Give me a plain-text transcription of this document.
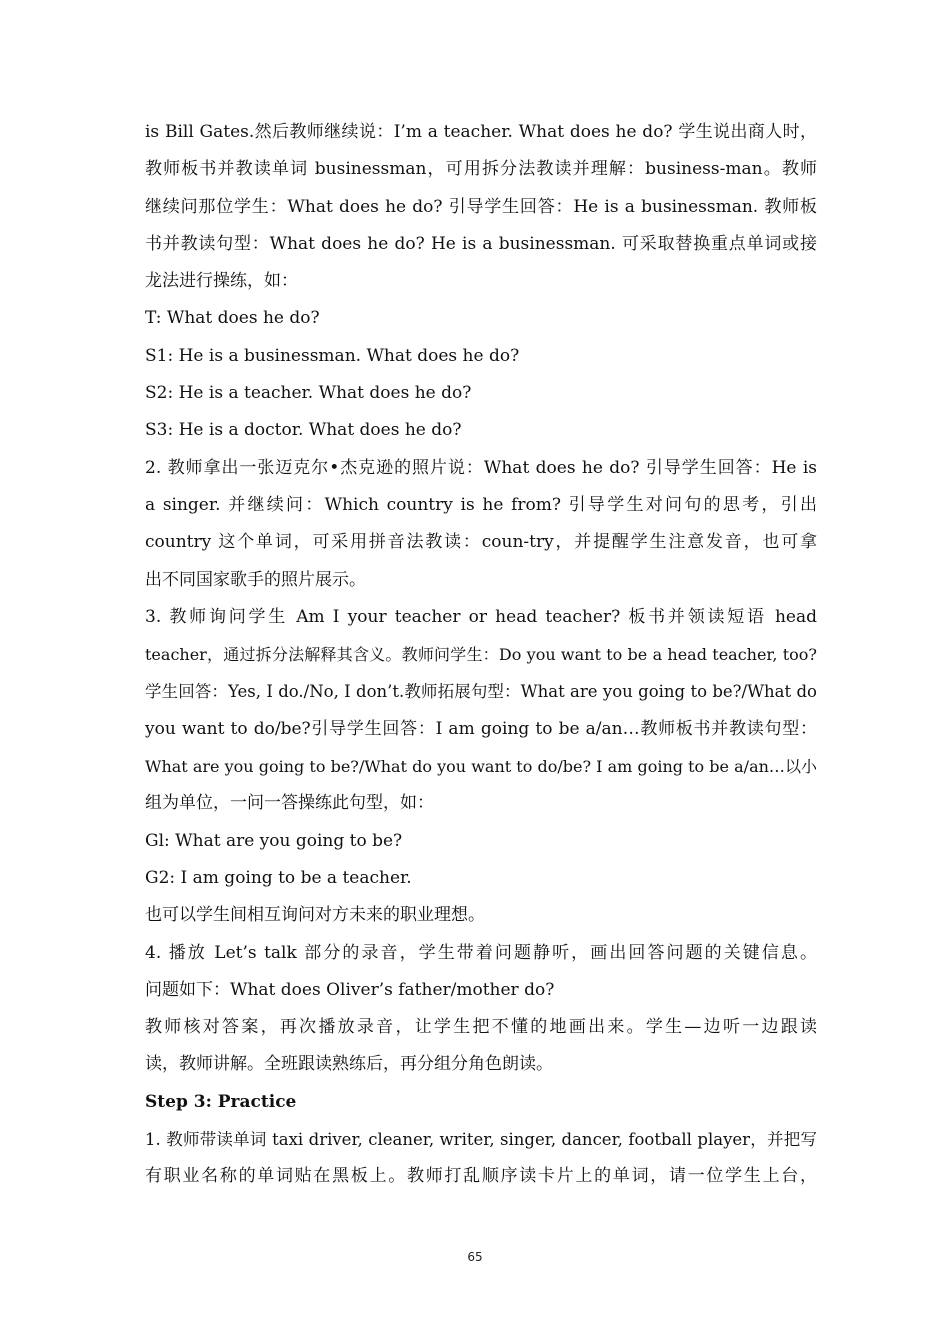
is Bill Gates.然后教师继续说：I’m a teacher. What does he do? 学生说出商人时，
教师板书并教读单词 businessman，可用拆分法教读并理解：business-man。教师
继续问那位学生：What does he do? 引导学生回答：He is a businessman. 教师板
书并教读句型：What does he do? He is a businessman. 可采取替换重点单词或接
龙法进行操练，如：
T: What does he do?
S1: He is a businessman. What does he do?
S2: He is a teacher. What does he do?
S3: He is a doctor. What does he do?
2. 教师拿出一张迈克尔•杰克逊的照片说：What does he do? 引导学生回答：He is
a singer. 并继续问：Which country is he from? 引导学生对问句的思考，引出
country 这个单词，可采用拼音法教读：coun-try，并提醒学生注意发音，也可拿
出不同国家歌手的照片展示。
3. 教师询问学生 Am I your teacher or head teacher? 板书并领读短语 head
teacher，通过拆分法解释其含义。教师问学生：Do you want to be a head teacher, too?
学生回答：Yes, I do./No, I don’t.教师拓展句型：What are you going to be?/What do
you want to do/be?引导学生回答：I am going to be a/an…教师板书并教读句型：
What are you going to be?/What do you want to do/be? I am going to be a/an…以小
组为单位，一问一答操练此句型，如：
Gl: What are you going to be?
G2: I am going to be a teacher.
也可以学生间相互询问对方未来的职业理想。
4. 播放 Let’s talk 部分的录音，学生带着问题静听，画出回答问题的关键信息。
问题如下：What does Oliver’s father/mother do?
教师核对答案，再次播放录音，让学生把不懂的地画出来。学生—边听一边跟读
读，教师讲解。全班跟读熟练后，再分组分角色朗读。
Step 3: Practice
1. 教师带读单词 taxi driver, cleaner, writer, singer, dancer, football player，并把写
有职业名称的单词贴在黑板上。教师打乱顺序读卡片上的单词，请一位学生上台，
65
